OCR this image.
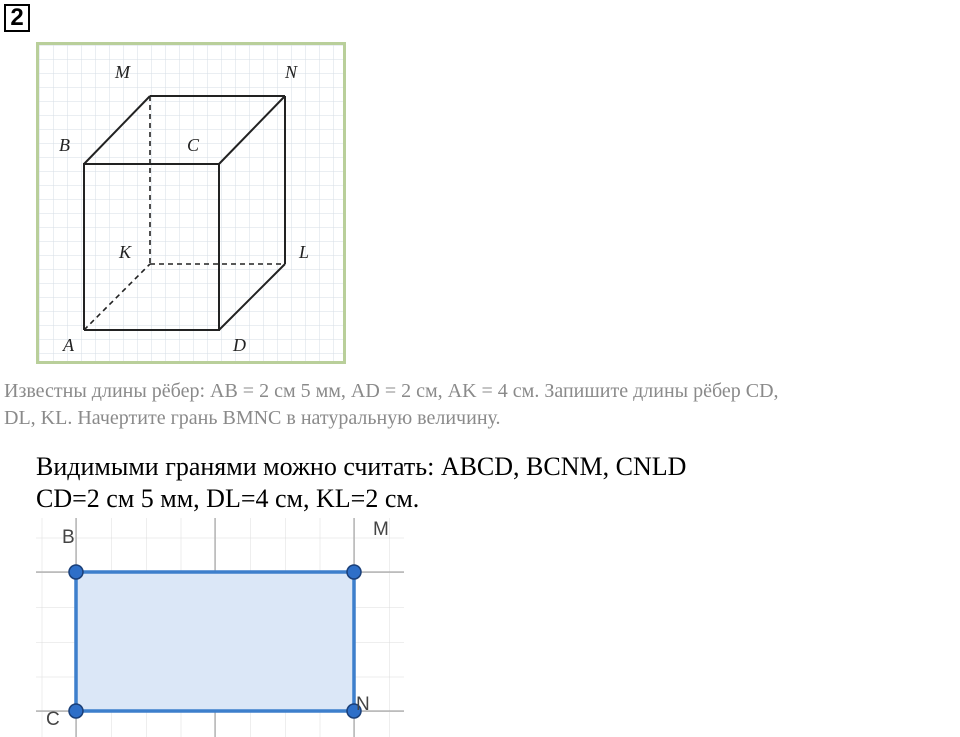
2
M	N
B	C
K	L
A	D
Известны длины рёбер: AB = 2 см 5 мм, AD = 2 см, AK = 4 см. Запишите длины рёбер CD,
DL, KL. Начертите грань BMNC в натуральную величину.
Видимыми гранями можно считать: ABCD, BCNM, CNLD
CD=2 см 5 мм, DL=4 см, KL=2 см.
B	M
C
N
